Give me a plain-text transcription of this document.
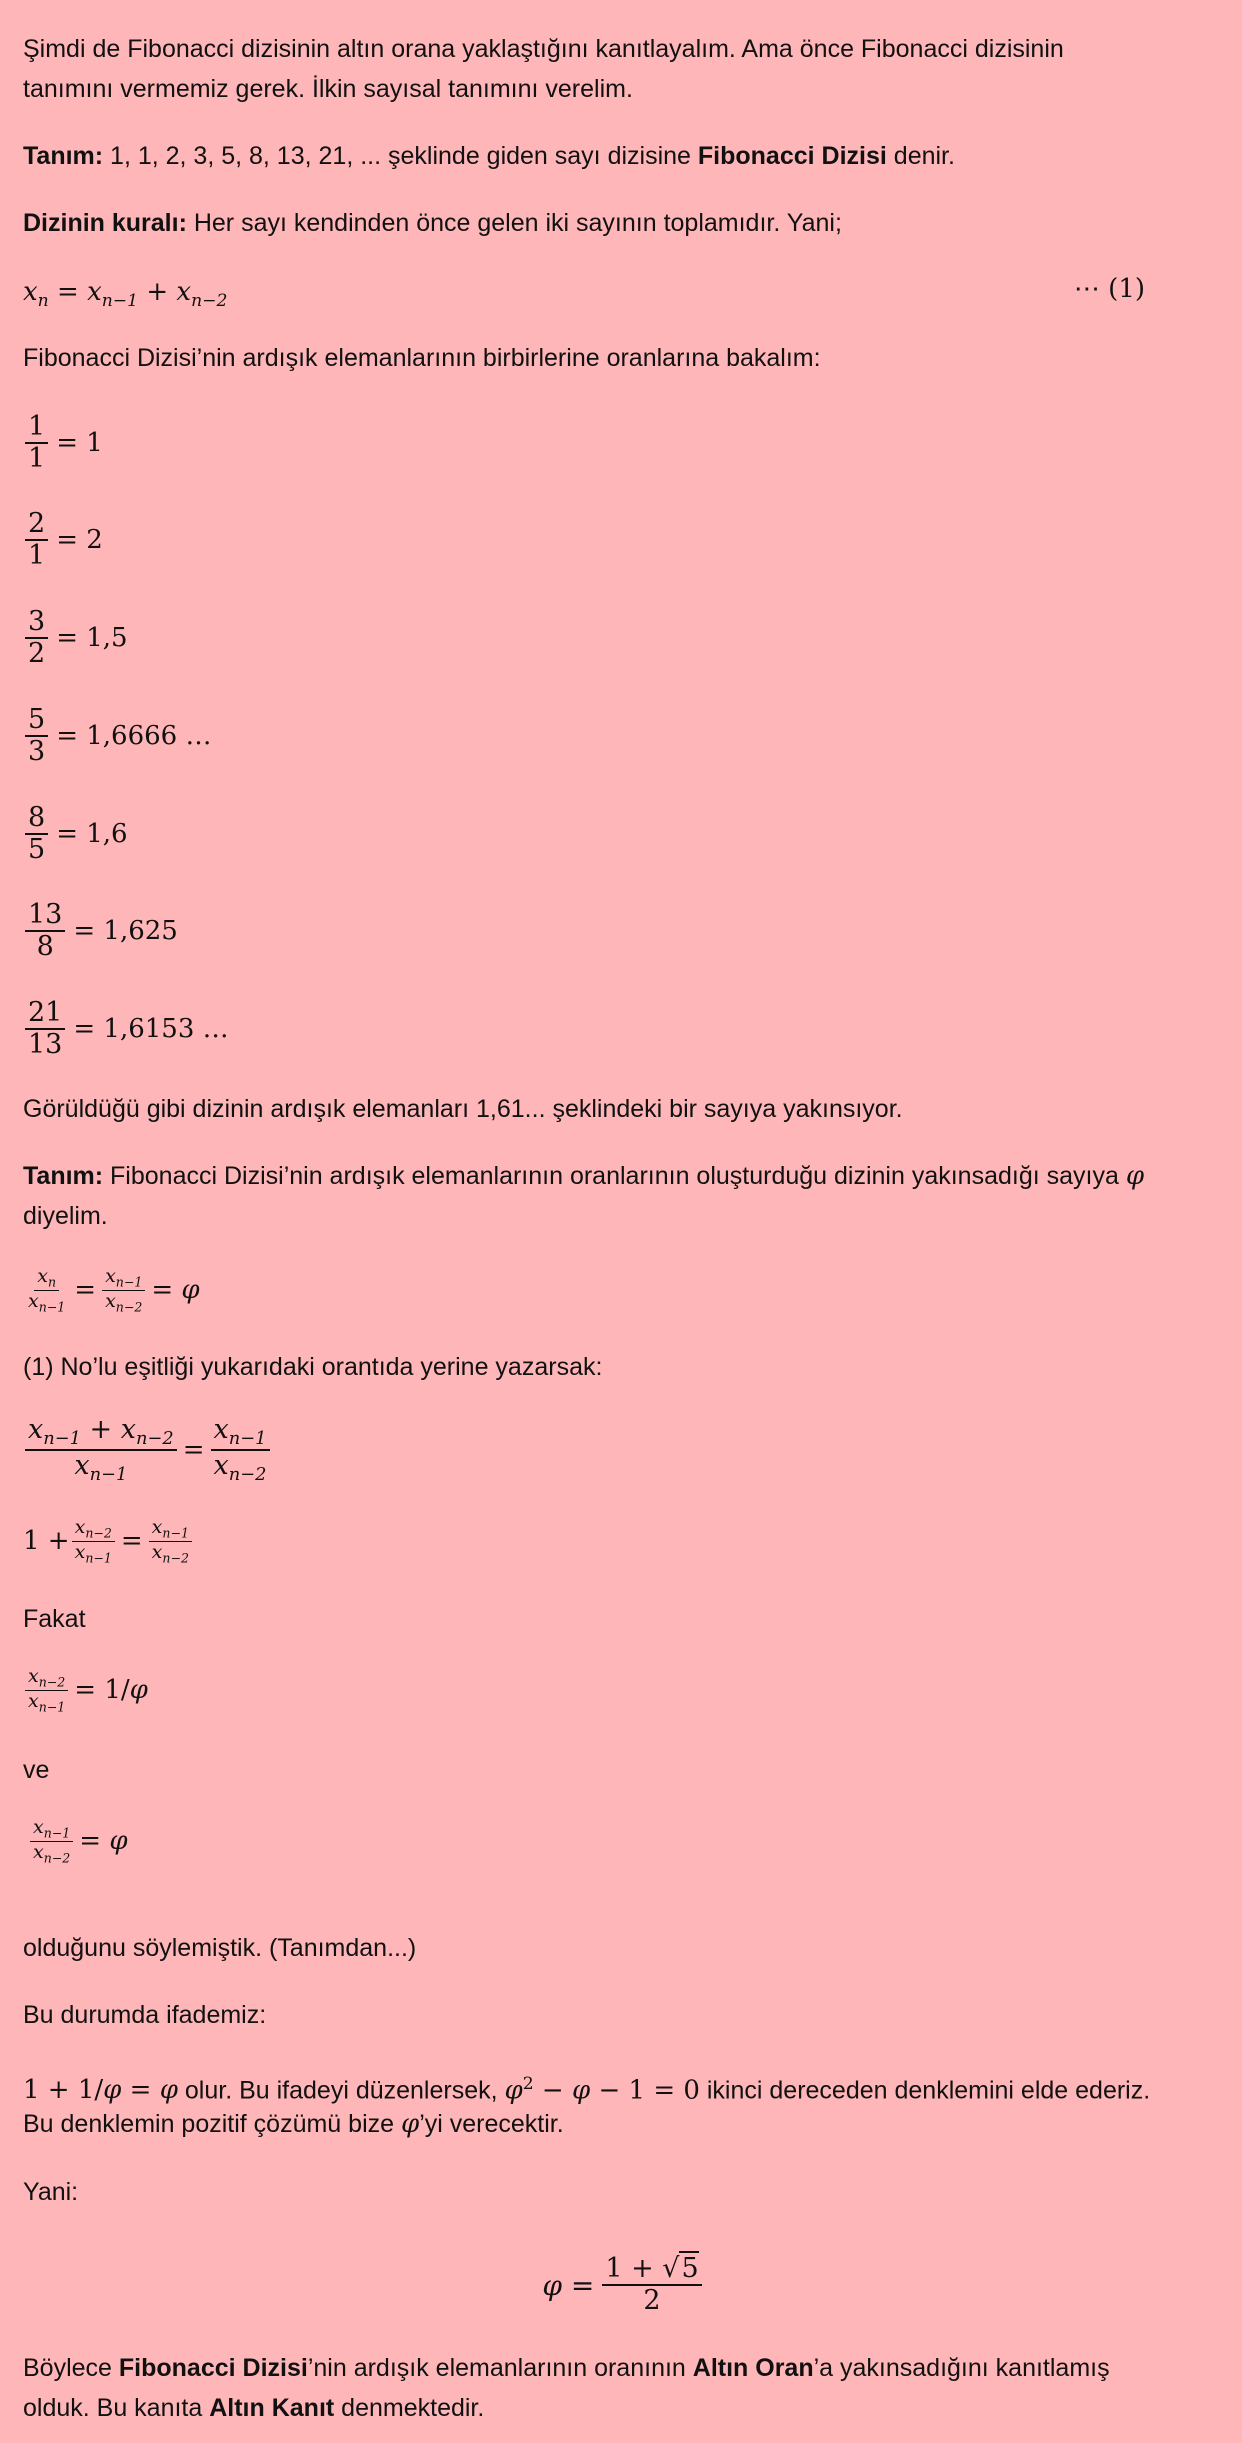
Şimdi de Fibonacci dizisinin altın orana yaklaştığını kanıtlayalım. Ama önce Fibonacci dizisinin
tanımını vermemiz gerek. İlkin sayısal tanımını verelim.
Tanım: 1, 1, 2, 3, 5, 8, 13, 21, ... şeklinde giden sayı dizisine Fibonacci Dizisi denir.
Dizinin kuralı: Her sayı kendinden önce gelen iki sayının toplamıdır. Yani;
$x_n = x_{n-1} + x_{n-2}$	⋯ (1)
Fibonacci Dizisi’nin ardışık elemanlarının birbirlerine oranlarına bakalım:
$\frac{1}{1} = 1$
$\frac{2}{1} = 2$
$\frac{3}{2} = 1,5$
$\frac{5}{3} = 1,6666$ …
$\frac{8}{5} = 1,6$
$\frac{13}{8} = 1,625$
$\frac{21}{13} = 1,6153$ …
Görüldüğü gibi dizinin ardışık elemanları 1,61... şeklindeki bir sayıya yakınsıyor.
Tanım: Fibonacci Dizisi’nin ardışık elemanlarının oranlarının oluşturduğu dizinin yakınsadığı sayıya φ
diyelim.
$\frac{x_n}{x_{n-1}} = \frac{x_{n-1}}{x_{n-2}} = \varphi$
(1) No’lu eşitliği yukarıdaki orantıda yerine yazarsak:
$\frac{x_{n-1} + x_{n-2}}{x_{n-1}} = \frac{x_{n-1}}{x_{n-2}}$
$1 + \frac{x_{n-2}}{x_{n-1}} = \frac{x_{n-1}}{x_{n-2}}$
Fakat
$\frac{x_{n-2}}{x_{n-1}} = 1/\varphi$
ve
$\frac{x_{n-1}}{x_{n-2}} = \varphi$
olduğunu söylemiştik. (Tanımdan...)
Bu durumda ifademiz:
1 + 1/φ = φ olur. Bu ifadeyi düzenlersek, $\varphi^2 - \varphi - 1 = 0$ ikinci dereceden denklemini elde ederiz.
Bu denklemin pozitif çözümü bize φ’yi verecektir.
Yani:
$\varphi = \frac{1 + √5}{2}$
Böylece Fibonacci Dizisi’nin ardışık elemanlarının oranının Altın Oran’a yakınsadığını kanıtlamış
olduk. Bu kanıta Altın Kanıt denmektedir.
